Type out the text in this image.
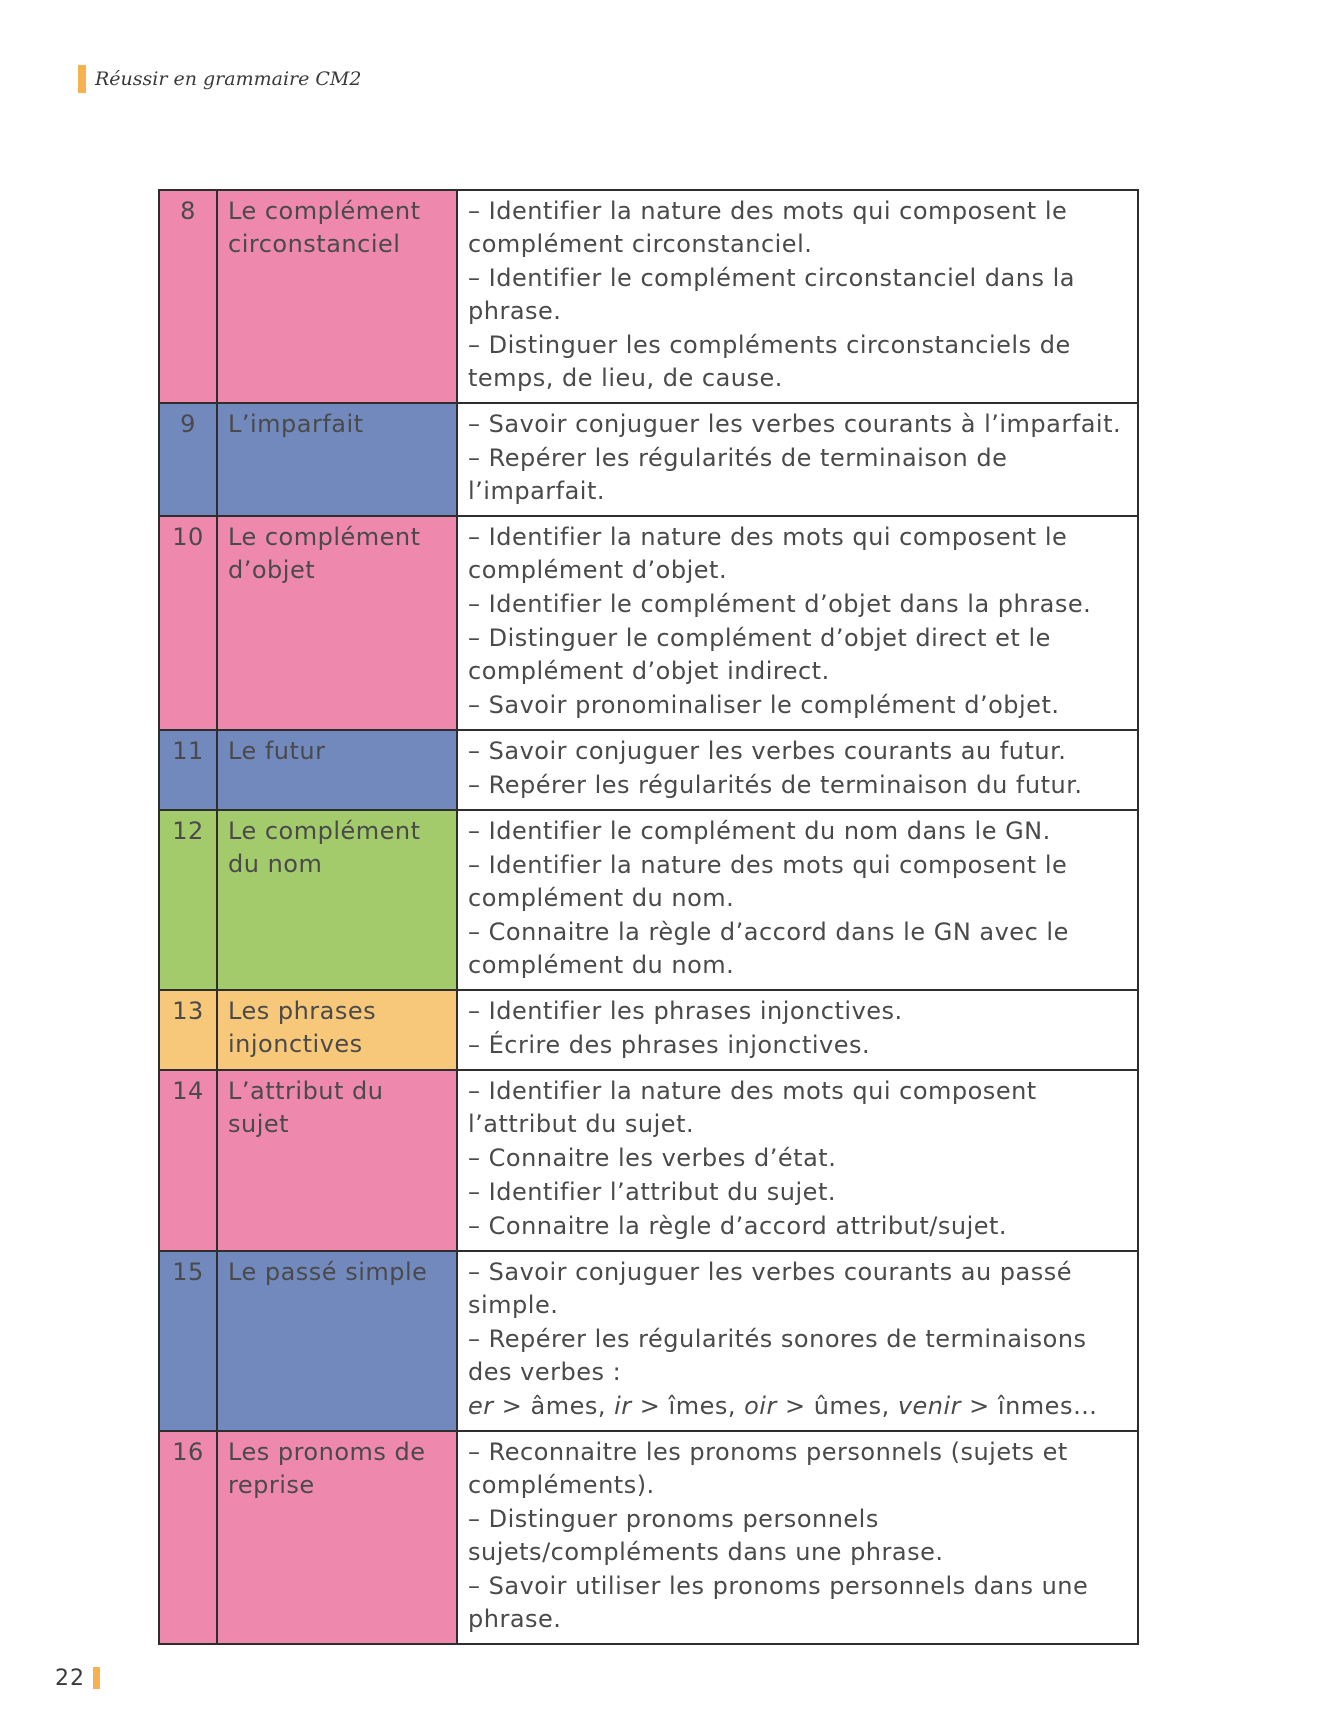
Réussir en grammaire CM2
8	Le complément circonstanciel	– Identifier la nature des mots qui composent le complément circonstanciel.
– Identifier le complément circonstanciel dans la phrase.
– Distinguer les compléments circonstanciels de temps, de lieu, de cause.

9	L’imparfait	– Savoir conjuguer les verbes courants à l’imparfait.
– Repérer les régularités de terminaison de l’imparfait.

10	Le complément d’objet	– Identifier la nature des mots qui composent le complément d’objet.
– Identifier le complément d’objet dans la phrase.
– Distinguer le complément d’objet direct et le complément d’objet indirect.
– Savoir pronominaliser le complément d’objet.

11	Le futur	– Savoir conjuguer les verbes courants au futur.
– Repérer les régularités de terminaison du futur.

12	Le complément du nom	– Identifier le complément du nom dans le GN.
– Identifier la nature des mots qui composent le complément du nom.
– Connaitre la règle d’accord dans le GN avec le complément du nom.

13	Les phrases injonctives	– Identifier les phrases injonctives.
– Écrire des phrases injonctives.

14	L’attribut du sujet	– Identifier la nature des mots qui composent l’attribut du sujet.
– Connaitre les verbes d’état.
– Identifier l’attribut du sujet.
– Connaitre la règle d’accord attribut/sujet.

15	Le passé simple	– Savoir conjuguer les verbes courants au passé simple.
– Repérer les régularités sonores de terminaisons des verbes :
er > âmes, ir > îmes, oir > ûmes, venir > înmes…

16	Les pronoms de reprise	– Reconnaitre les pronoms personnels (sujets et compléments).
– Distinguer pronoms personnels sujets/compléments dans une phrase.
– Savoir utiliser les pronoms personnels dans une phrase.
22
